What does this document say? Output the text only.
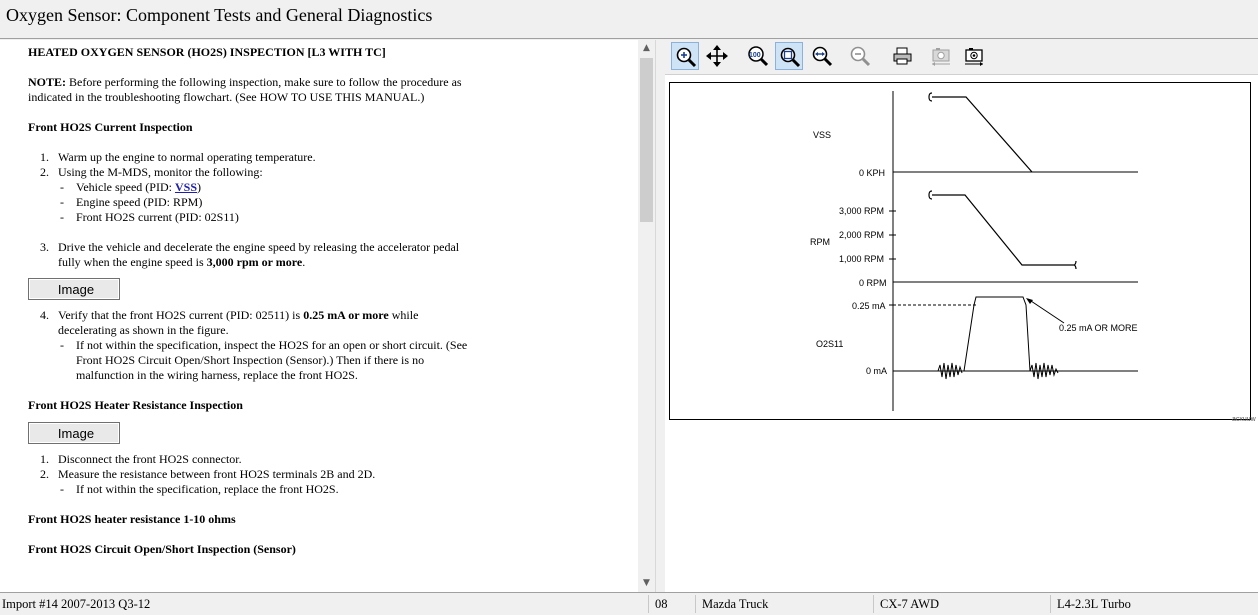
Oxygen Sensor: Component Tests and General Diagnostics

HEATED OXYGEN SENSOR (HO2S) INSPECTION [L3 WITH TC]

NOTE: Before performing the following inspection, make sure to follow the procedure as

indicated in the troubleshooting flowchart. (See HOW TO USE THIS MANUAL.)

Front HO2S Current Inspection

1. Warm up the engine to normal operating temperature.
2. Using the M-MDS, monitor the following:
- Vehicle speed (PID: VSS)
- Engine speed (PID: RPM)
- Front HO2S current (PID: 02S11)
3. Drive the vehicle and decelerate the engine speed by releasing the accelerator pedal
fully when the engine speed is 3,000 rpm or more.
Image
4. Verify that the front HO2S current (PID: 02511) is 0.25 mA or more while
decelerating as shown in the figure.
- If not within the specification, inspect the HO2S for an open or short circuit. (See
Front HO2S Circuit Open/Short Inspection (Sensor).) Then if there is no
malfunction in the wiring harness, replace the front HO2S.

Front HO2S Heater Resistance Inspection

Image
1. Disconnect the front HO2S connector.
2. Measure the resistance between front HO2S terminals 2B and 2D.
- If not within the specification, replace the front HO2S.

Front HO2S heater resistance 1-10 ohms

Front HO2S Circuit Open/Short Inspection (Sensor)

▲
▼
100
VSS
0 KPH
RPM
3,000 RPM
2,000 RPM
1,000 RPM
0 RPM
0.25 mA
0 mA
O2S11
0.25 mA OR MORE
acxuuw
Import #14 2007-2013 Q3-12	08	Mazda Truck	CX-7 AWD	L4-2.3L Turbo
